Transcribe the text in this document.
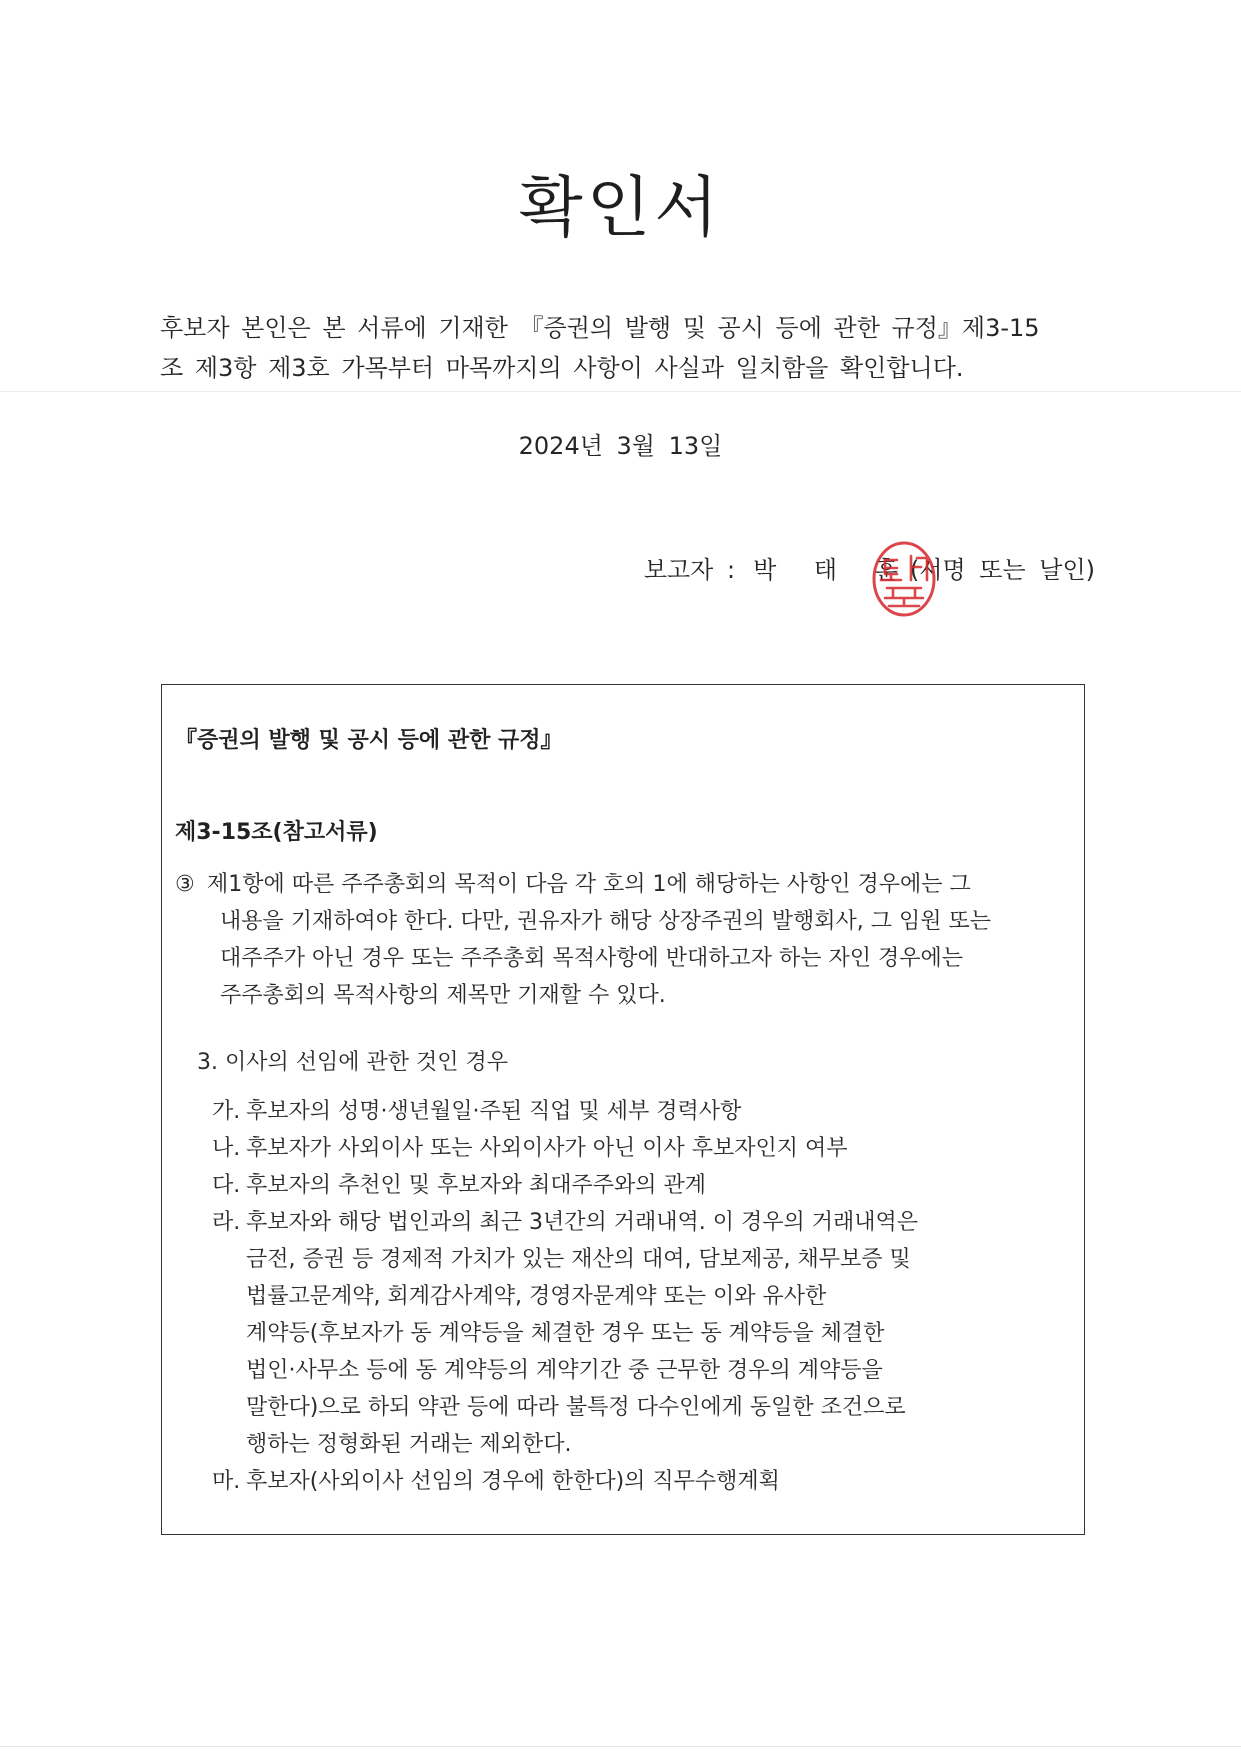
확인서
후보자 본인은 본 서류에 기재한 『증권의 발행 및 공시 등에 관한 규정』제3-15
조 제3항 제3호 가목부터 마목까지의 사항이 사실과 일치함을 확인합니다.
2024년 3월 13일
보고자 : 박 태 훈(서명 또는 날인)
『증권의 발행 및 공시 등에 관한 규정』
제3-15조(참고서류)
③ 제1항에 따른 주주총회의 목적이 다음 각 호의 1에 해당하는 사항인 경우에는 그
내용을 기재하여야 한다. 다만, 권유자가 해당 상장주권의 발행회사, 그 임원 또는
대주주가 아닌 경우 또는 주주총회 목적사항에 반대하고자 하는 자인 경우에는
주주총회의 목적사항의 제목만 기재할 수 있다.
3. 이사의 선임에 관한 것인 경우
가. 후보자의 성명·생년월일·주된 직업 및 세부 경력사항
나. 후보자가 사외이사 또는 사외이사가 아닌 이사 후보자인지 여부
다. 후보자의 추천인 및 후보자와 최대주주와의 관계
라. 후보자와 해당 법인과의 최근 3년간의 거래내역. 이 경우의 거래내역은
금전, 증권 등 경제적 가치가 있는 재산의 대여, 담보제공, 채무보증 및
법률고문계약, 회계감사계약, 경영자문계약 또는 이와 유사한
계약등(후보자가 동 계약등을 체결한 경우 또는 동 계약등을 체결한
법인·사무소 등에 동 계약등의 계약기간 중 근무한 경우의 계약등을
말한다)으로 하되 약관 등에 따라 불특정 다수인에게 동일한 조건으로
행하는 정형화된 거래는 제외한다.
마. 후보자(사외이사 선임의 경우에 한한다)의 직무수행계획
